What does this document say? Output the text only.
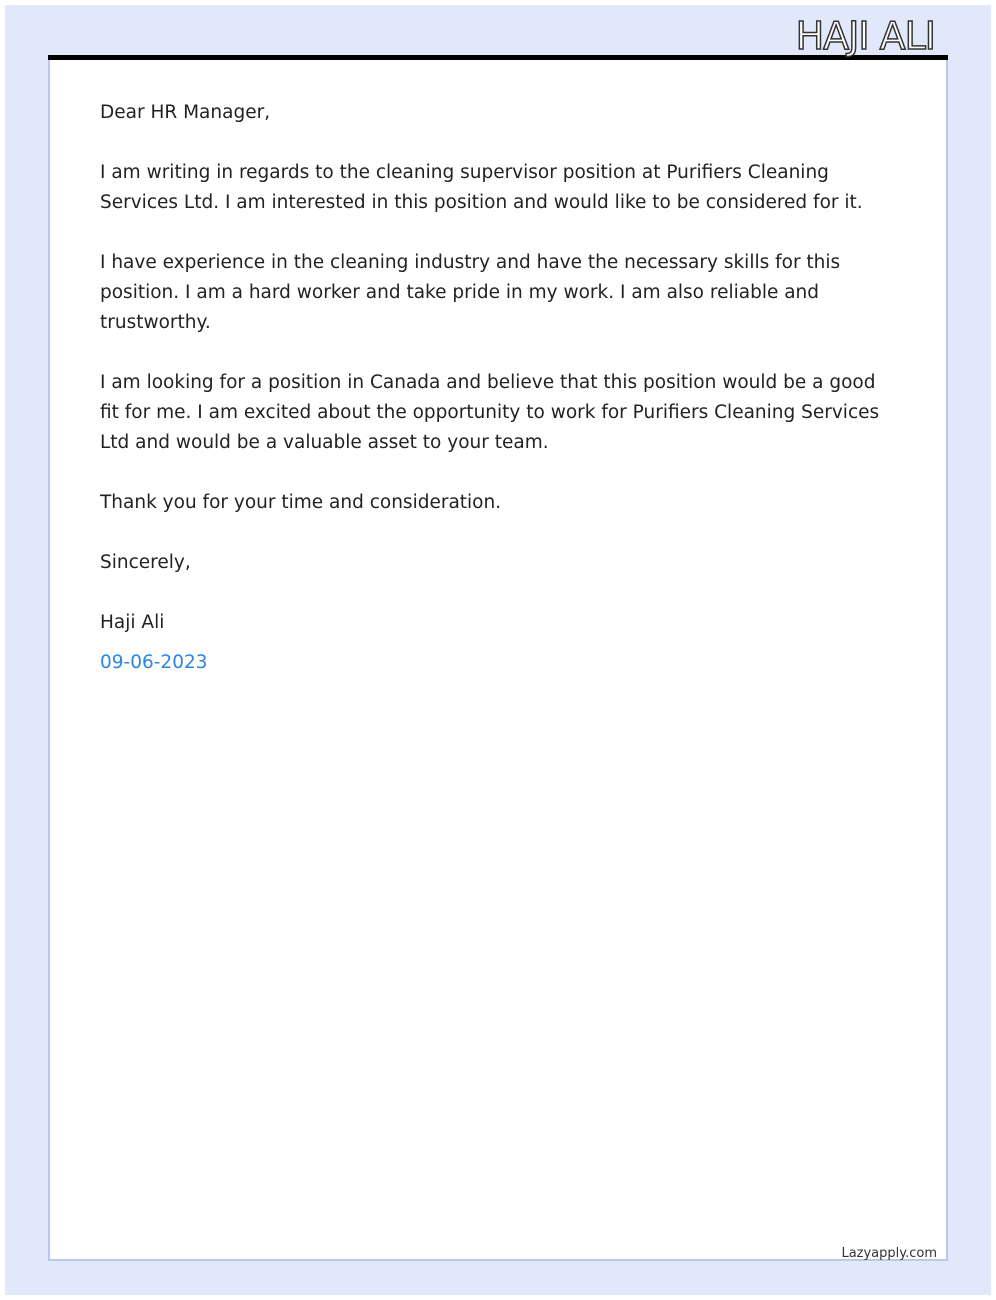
HAJI ALI

Dear HR Manager,

I am writing in regards to the cleaning supervisor position at Purifiers Cleaning Services Ltd. I am interested in this position and would like to be considered for it.

I have experience in the cleaning industry and have the necessary skills for this position. I am a hard worker and take pride in my work. I am also reliable and trustworthy.

I am looking for a position in Canada and believe that this position would be a good fit for me. I am excited about the opportunity to work for Purifiers Cleaning Services Ltd and would be a valuable asset to your team.

Thank you for your time and consideration.

Sincerely,

Haji Ali

09-06-2023

Lazyapply.com
